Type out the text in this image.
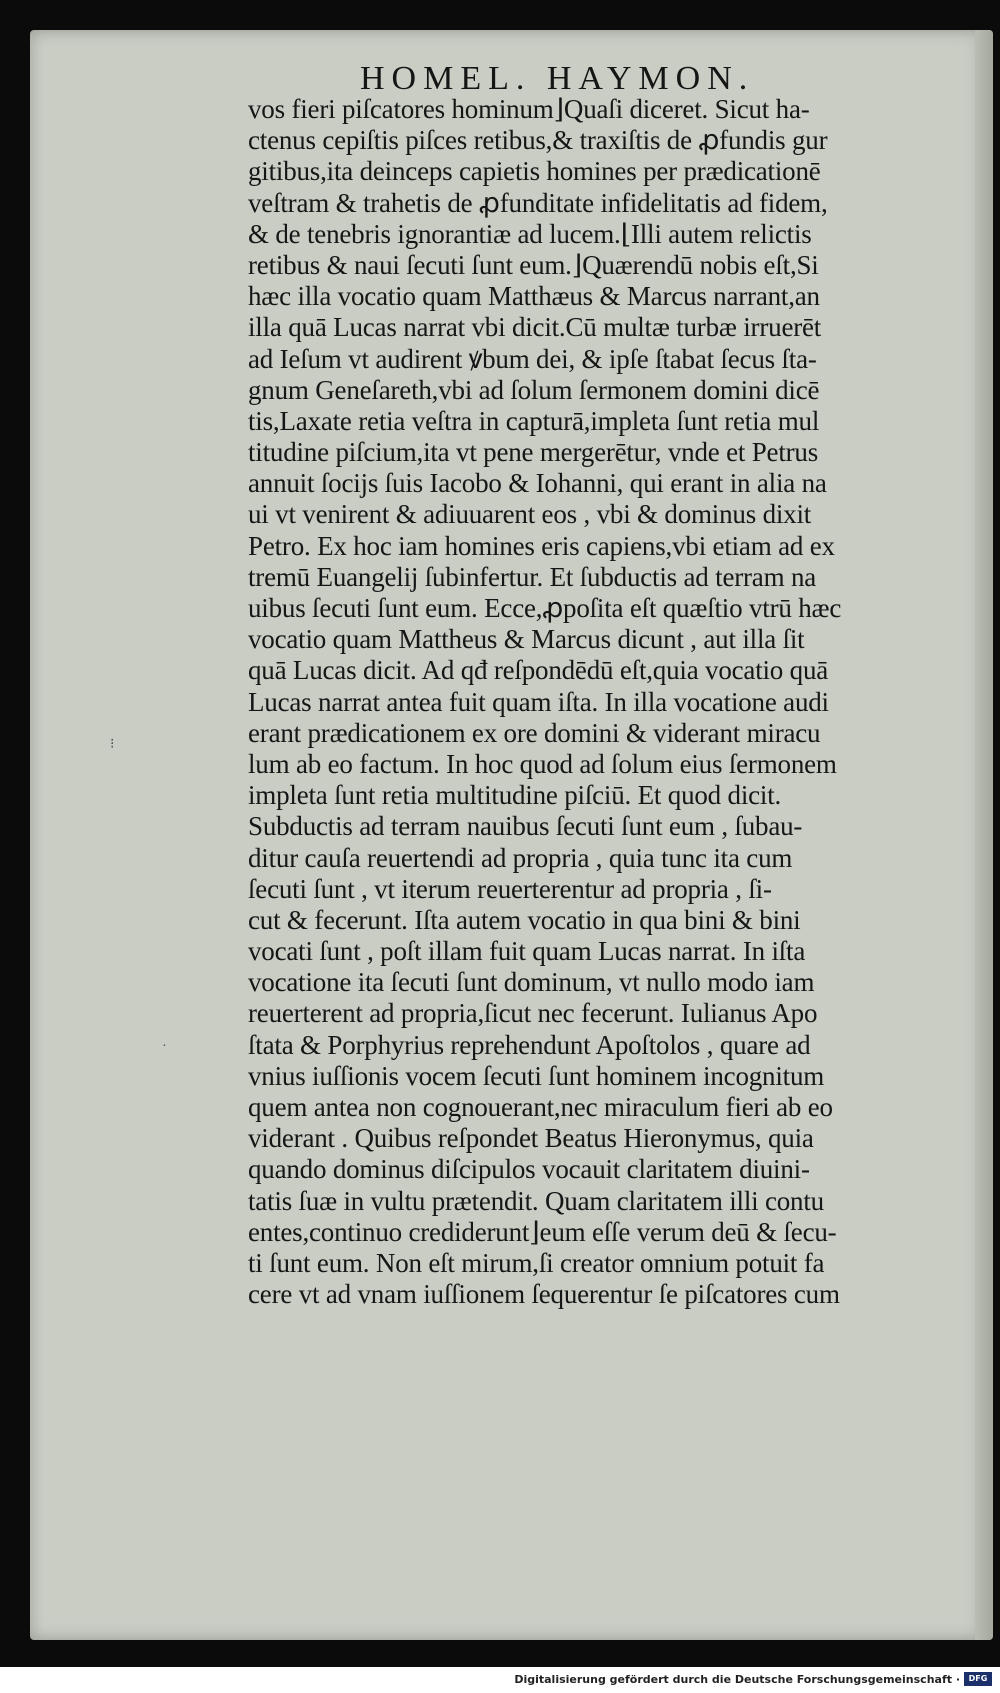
HOMEL. HAYMON.
vos fieri piſcatores hominum⌋Quaſi diceret. Sicut ha-
ctenus cepiſtis piſces retibus,& traxiſtis de ꝓfundis gur
gitibus,ita deinceps capietis homines per prædicationē
veſtram & trahetis de ꝓfunditate infidelitatis ad fidem,
& de tenebris ignorantiæ ad lucem.⌊Illi autem relictis
retibus & naui ſecuti ſunt eum.⌋Quærendū nobis eſt,Si
hæc illa vocatio quam Matthæus & Marcus narrant,an
illa quā Lucas narrat vbi dicit.Cū multæ turbæ irruerēt
ad Ieſum vt audirent ꝟbum dei, & ipſe ſtabat ſecus ſta-
gnum Geneſareth,vbi ad ſolum ſermonem domini dicē
tis,Laxate retia veſtra in capturā,impleta ſunt retia mul
titudine piſcium,ita vt pene mergerētur, vnde et Petrus
annuit ſocijs ſuis Iacobo & Iohanni, qui erant in alia na
ui vt venirent & adiuuarent eos , vbi & dominus dixit
Petro. Ex hoc iam homines eris capiens,vbi etiam ad ex
tremū Euangelij ſubinfertur. Et ſubductis ad terram na
uibus ſecuti ſunt eum. Ecce,ꝓpoſita eſt quæſtio vtrū hæc
vocatio quam Mattheus & Marcus dicunt , aut illa ſit
quā Lucas dicit. Ad qđ reſpondēdū eſt,quia vocatio quā
Lucas narrat antea fuit quam iſta. In illa vocatione audi
erant prædicationem ex ore domini & viderant miracu
lum ab eo factum. In hoc quod ad ſolum eius ſermonem
impleta ſunt retia multitudine piſciū. Et quod dicit.
Subductis ad terram nauibus ſecuti ſunt eum , ſubau-
ditur cauſa reuertendi ad propria , quia tunc ita cum
ſecuti ſunt , vt iterum reuerterentur ad propria , ſi-
cut & fecerunt. Iſta autem vocatio in qua bini & bini
vocati ſunt , poſt illam fuit quam Lucas narrat. In iſta
vocatione ita ſecuti ſunt dominum, vt nullo modo iam
reuerterent ad propria,ſicut nec fecerunt. Iulianus Apo
ſtata & Porphyrius reprehendunt Apoſtolos , quare ad
vnius iuſſionis vocem ſecuti ſunt hominem incognitum
quem antea non cognouerant,nec miraculum fieri ab eo
viderant . Quibus reſpondet Beatus Hieronymus, quia
quando dominus diſcipulos vocauit claritatem diuini-
tatis ſuæ in vultu prætendit. Quam claritatem illi contu
entes,continuo crediderunt⌋eum eſſe verum deū & ſecu-
ti ſunt eum. Non eſt mirum,ſi creator omnium potuit fa
cere vt ad vnam iuſſionem ſequerentur ſe piſcatores cum
⁝
·
Digitalisierung gefördert durch die Deutsche Forschungsgemeinschaft ·	DFG
